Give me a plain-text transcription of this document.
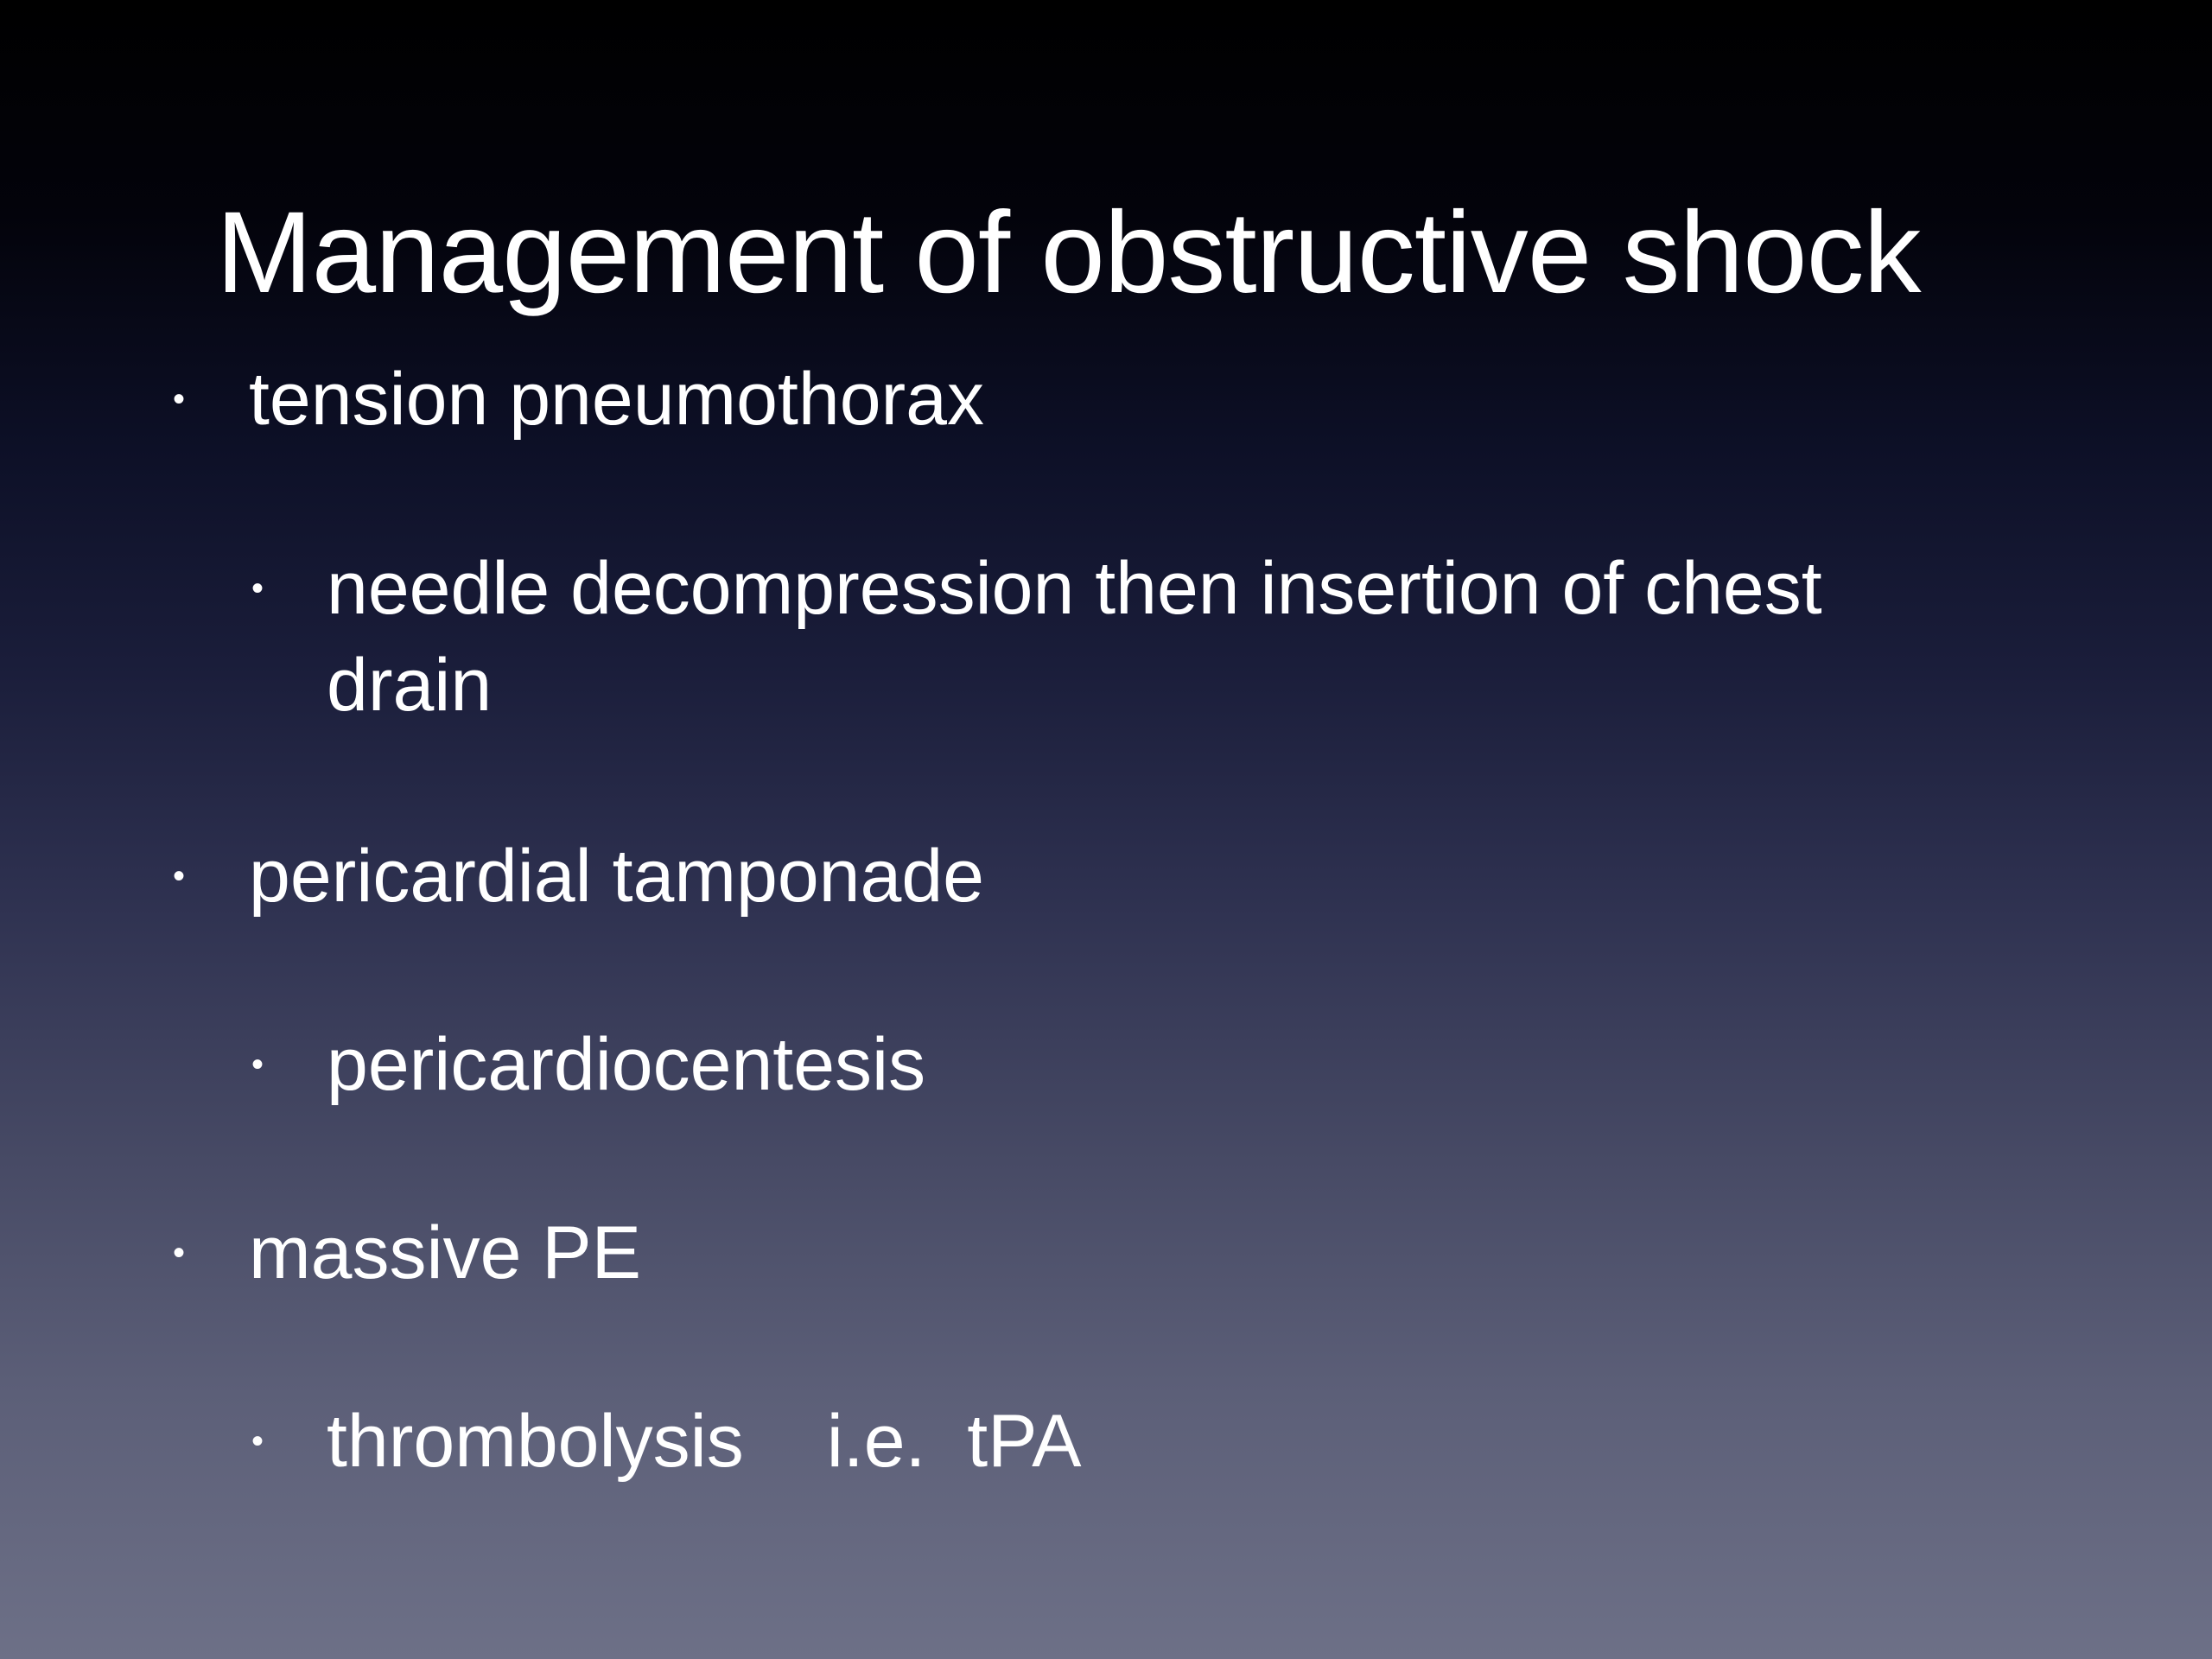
Management of obstructive shock
• tension pneumothorax
• needle decompression then insertion of chest
drain
• pericardial tamponade
• pericardiocentesis
• massive PE
• thrombolysis i.e.  tPA
